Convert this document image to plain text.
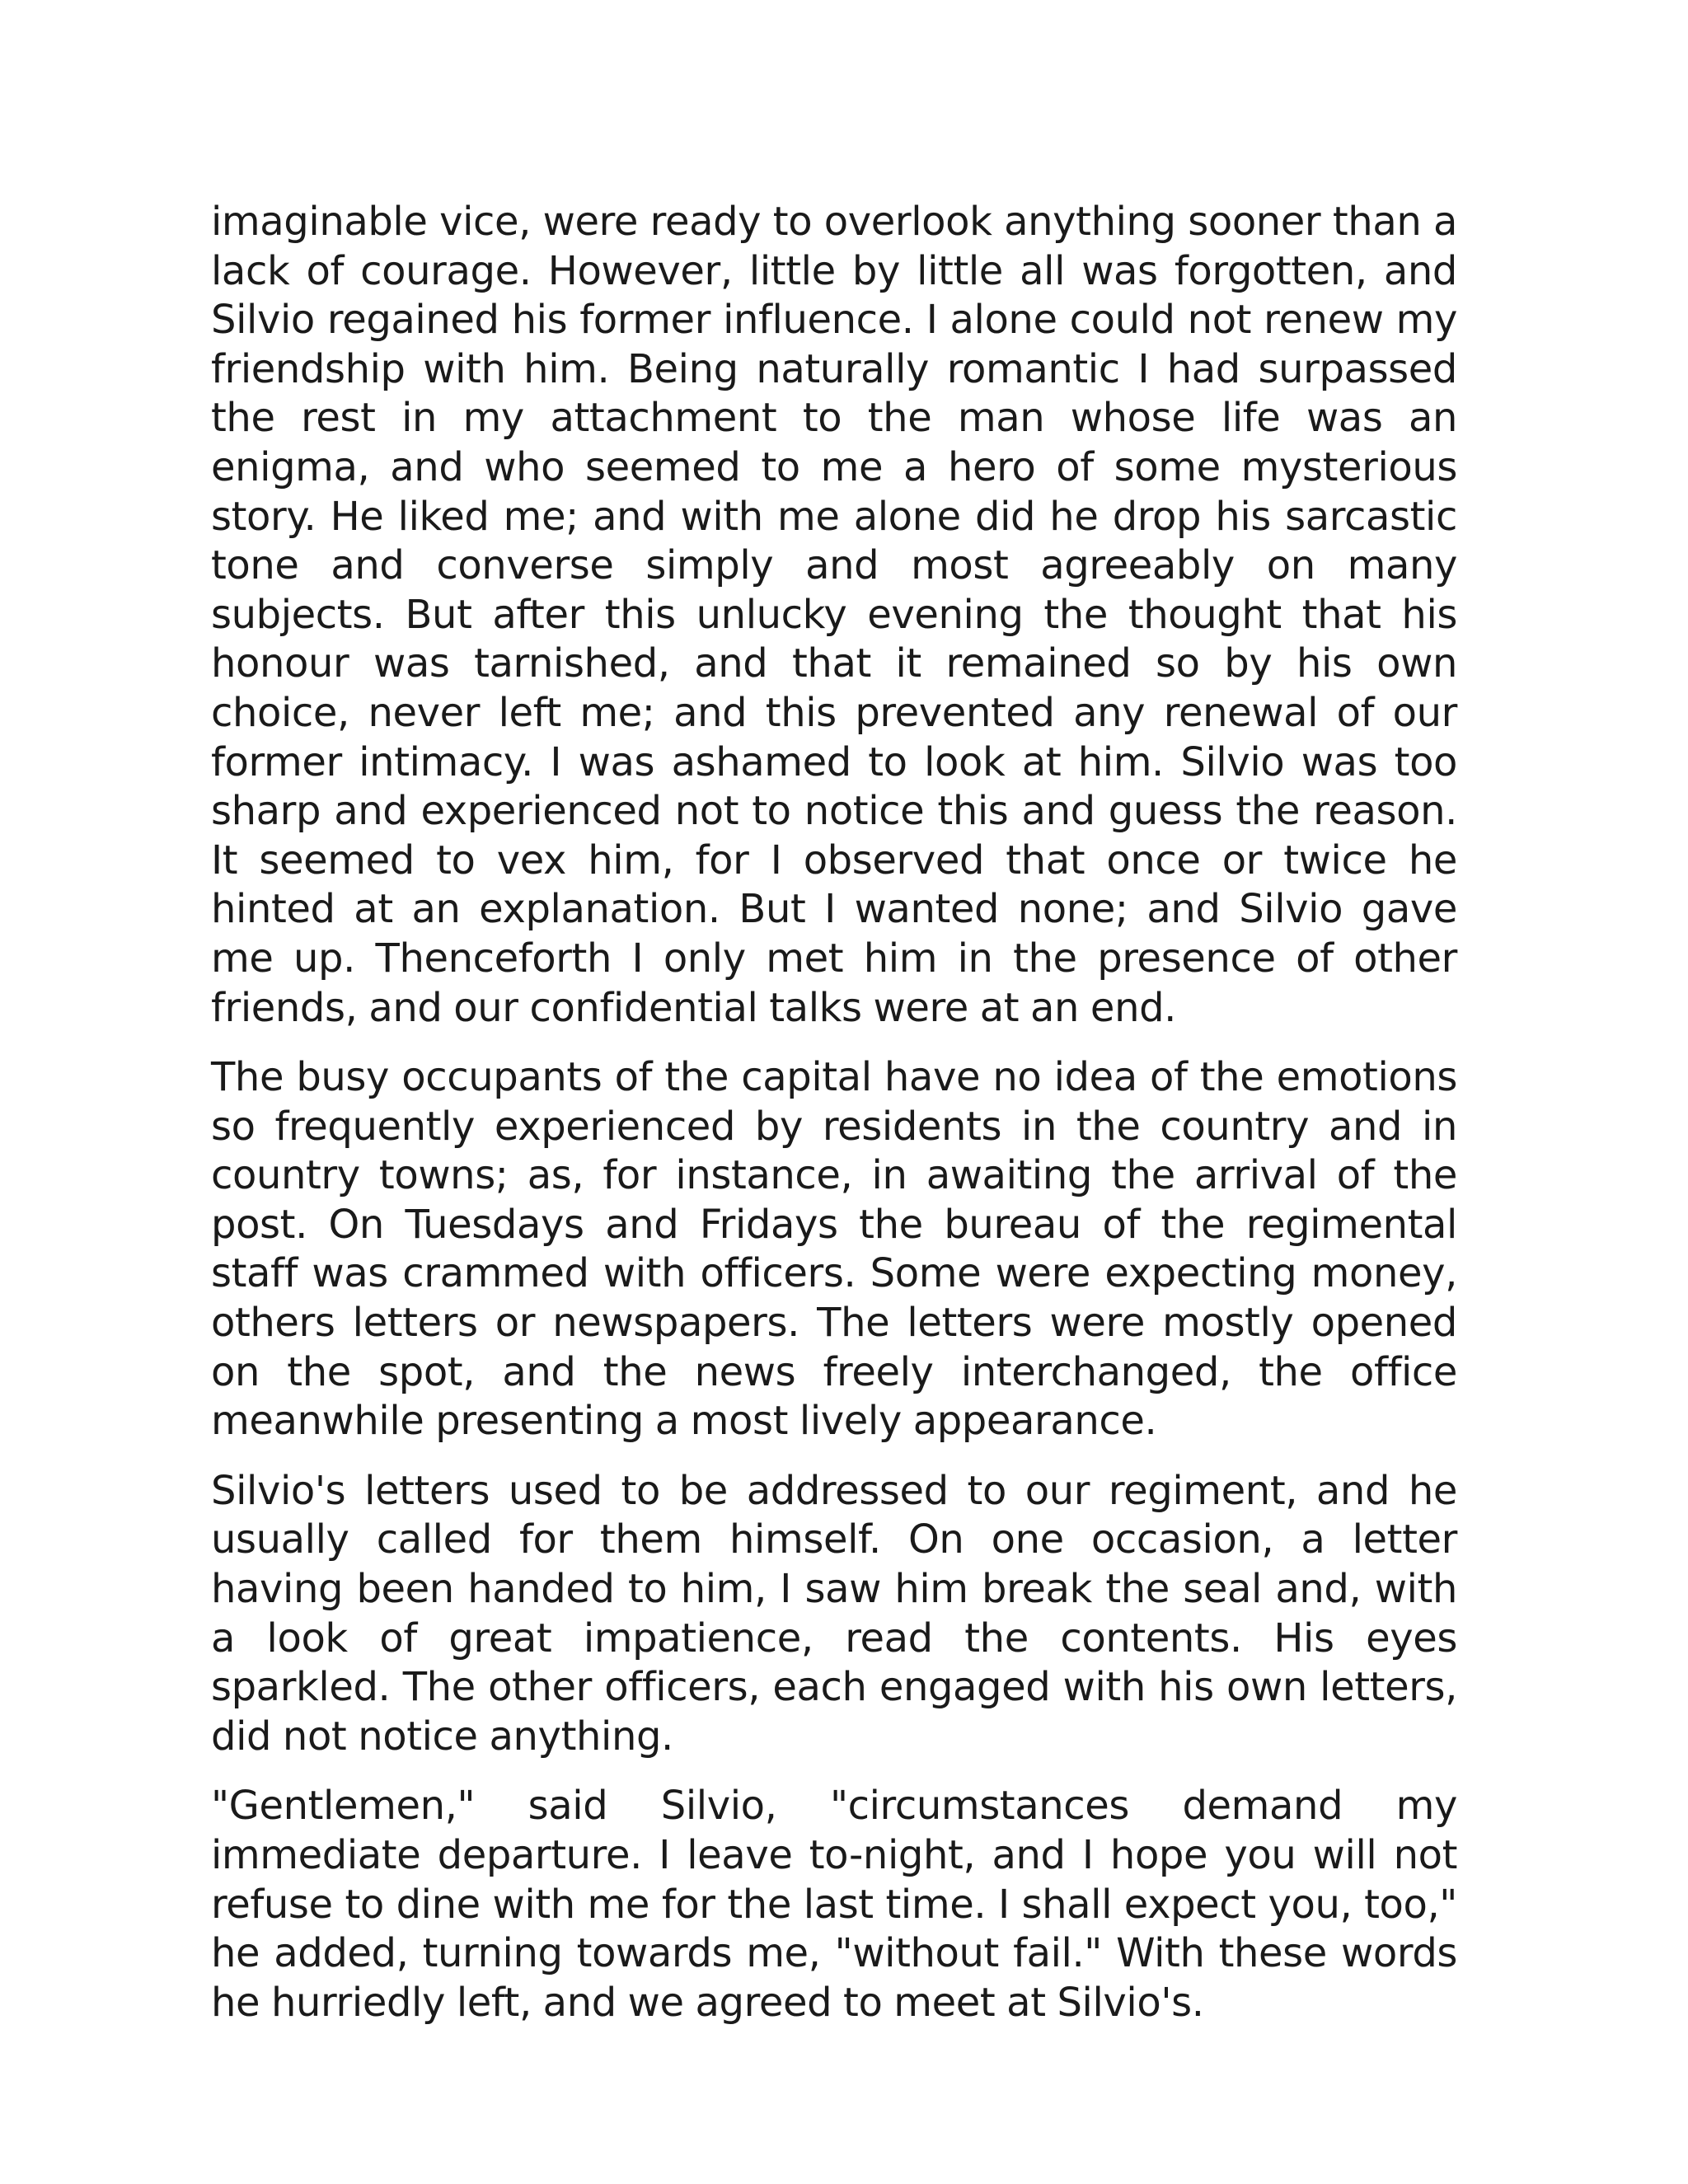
imaginable vice, were ready to overlook anything sooner than a lack of courage. However, little by little all was forgotten, and Silvio regained his former influence. I alone could not renew my friendship with him. Being naturally romantic I had surpassed the rest in my attachment to the man whose life was an enigma, and who seemed to me a hero of some mysterious story. He liked me; and with me alone did he drop his sarcastic tone and converse simply and most agreeably on many subjects. But after this unlucky evening the thought that his honour was tarnished, and that it remained so by his own choice, never left me; and this prevented any renewal of our former intimacy. I was ashamed to look at him. Silvio was too sharp and experienced not to notice this and guess the reason. It seemed to vex him, for I observed that once or twice he hinted at an explanation. But I wanted none; and Silvio gave me up. Thenceforth I only met him in the presence of other friends, and our confidential talks were at an end.

The busy occupants of the capital have no idea of the emotions so frequently experienced by residents in the country and in country towns; as, for instance, in awaiting the arrival of the post. On Tuesdays and Fridays the bureau of the regimental staff was crammed with officers. Some were expecting money, others letters or newspapers. The letters were mostly opened on the spot, and the news freely interchanged, the office meanwhile presenting a most lively appearance.

Silvio's letters used to be addressed to our regiment, and he usually called for them himself. On one occasion, a letter having been handed to him, I saw him break the seal and, with a look of great impatience, read the contents. His eyes sparkled. The other officers, each engaged with his own letters, did not notice anything.

"Gentlemen," said Silvio, "circumstances demand my immediate departure. I leave to-night, and I hope you will not refuse to dine with me for the last time. I shall expect you, too," he added, turning towards me, "without fail." With these words he hurriedly left, and we agreed to meet at Silvio's.
